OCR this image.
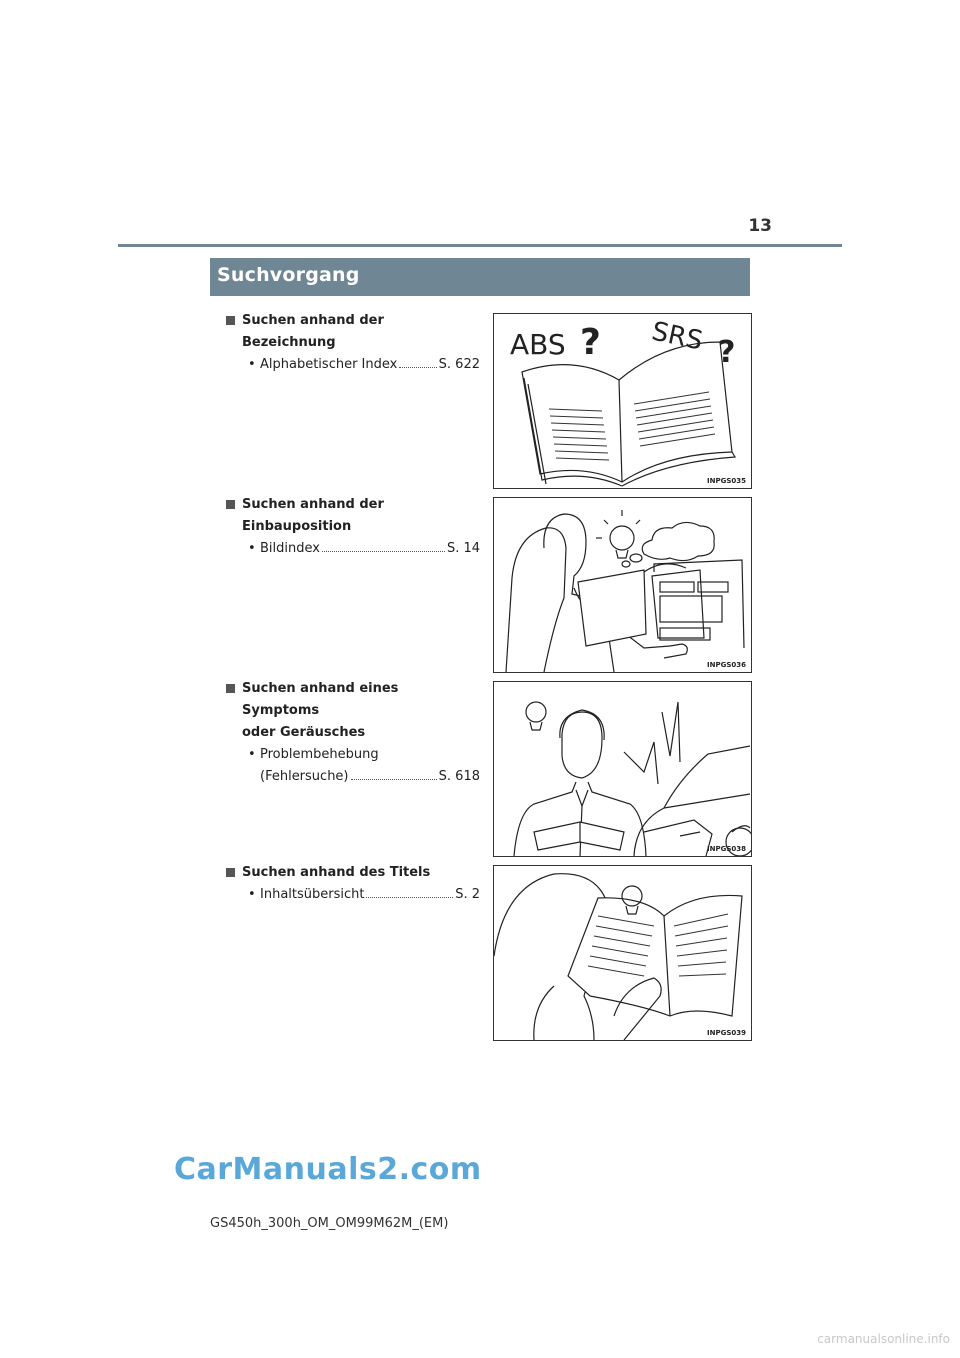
13
Suchvorgang
Suchen anhand der Bezeichnung
• Alphabetischer Index	S. 622
Suchen anhand der Einbauposition
• Bildindex	S. 14
Suchen anhand eines Symptoms
oder Geräusches
• Problembehebung
(Fehlersuche)	S. 618
Suchen anhand des Titels
• Inhaltsübersicht	S. 2
ABS ? SRS ?
INPGS035
INPGS036
INPGS038
INPGS039
CarManuals2.com
GS450h_300h_OM_OM99M62M_(EM)
carmanualsonline.info
